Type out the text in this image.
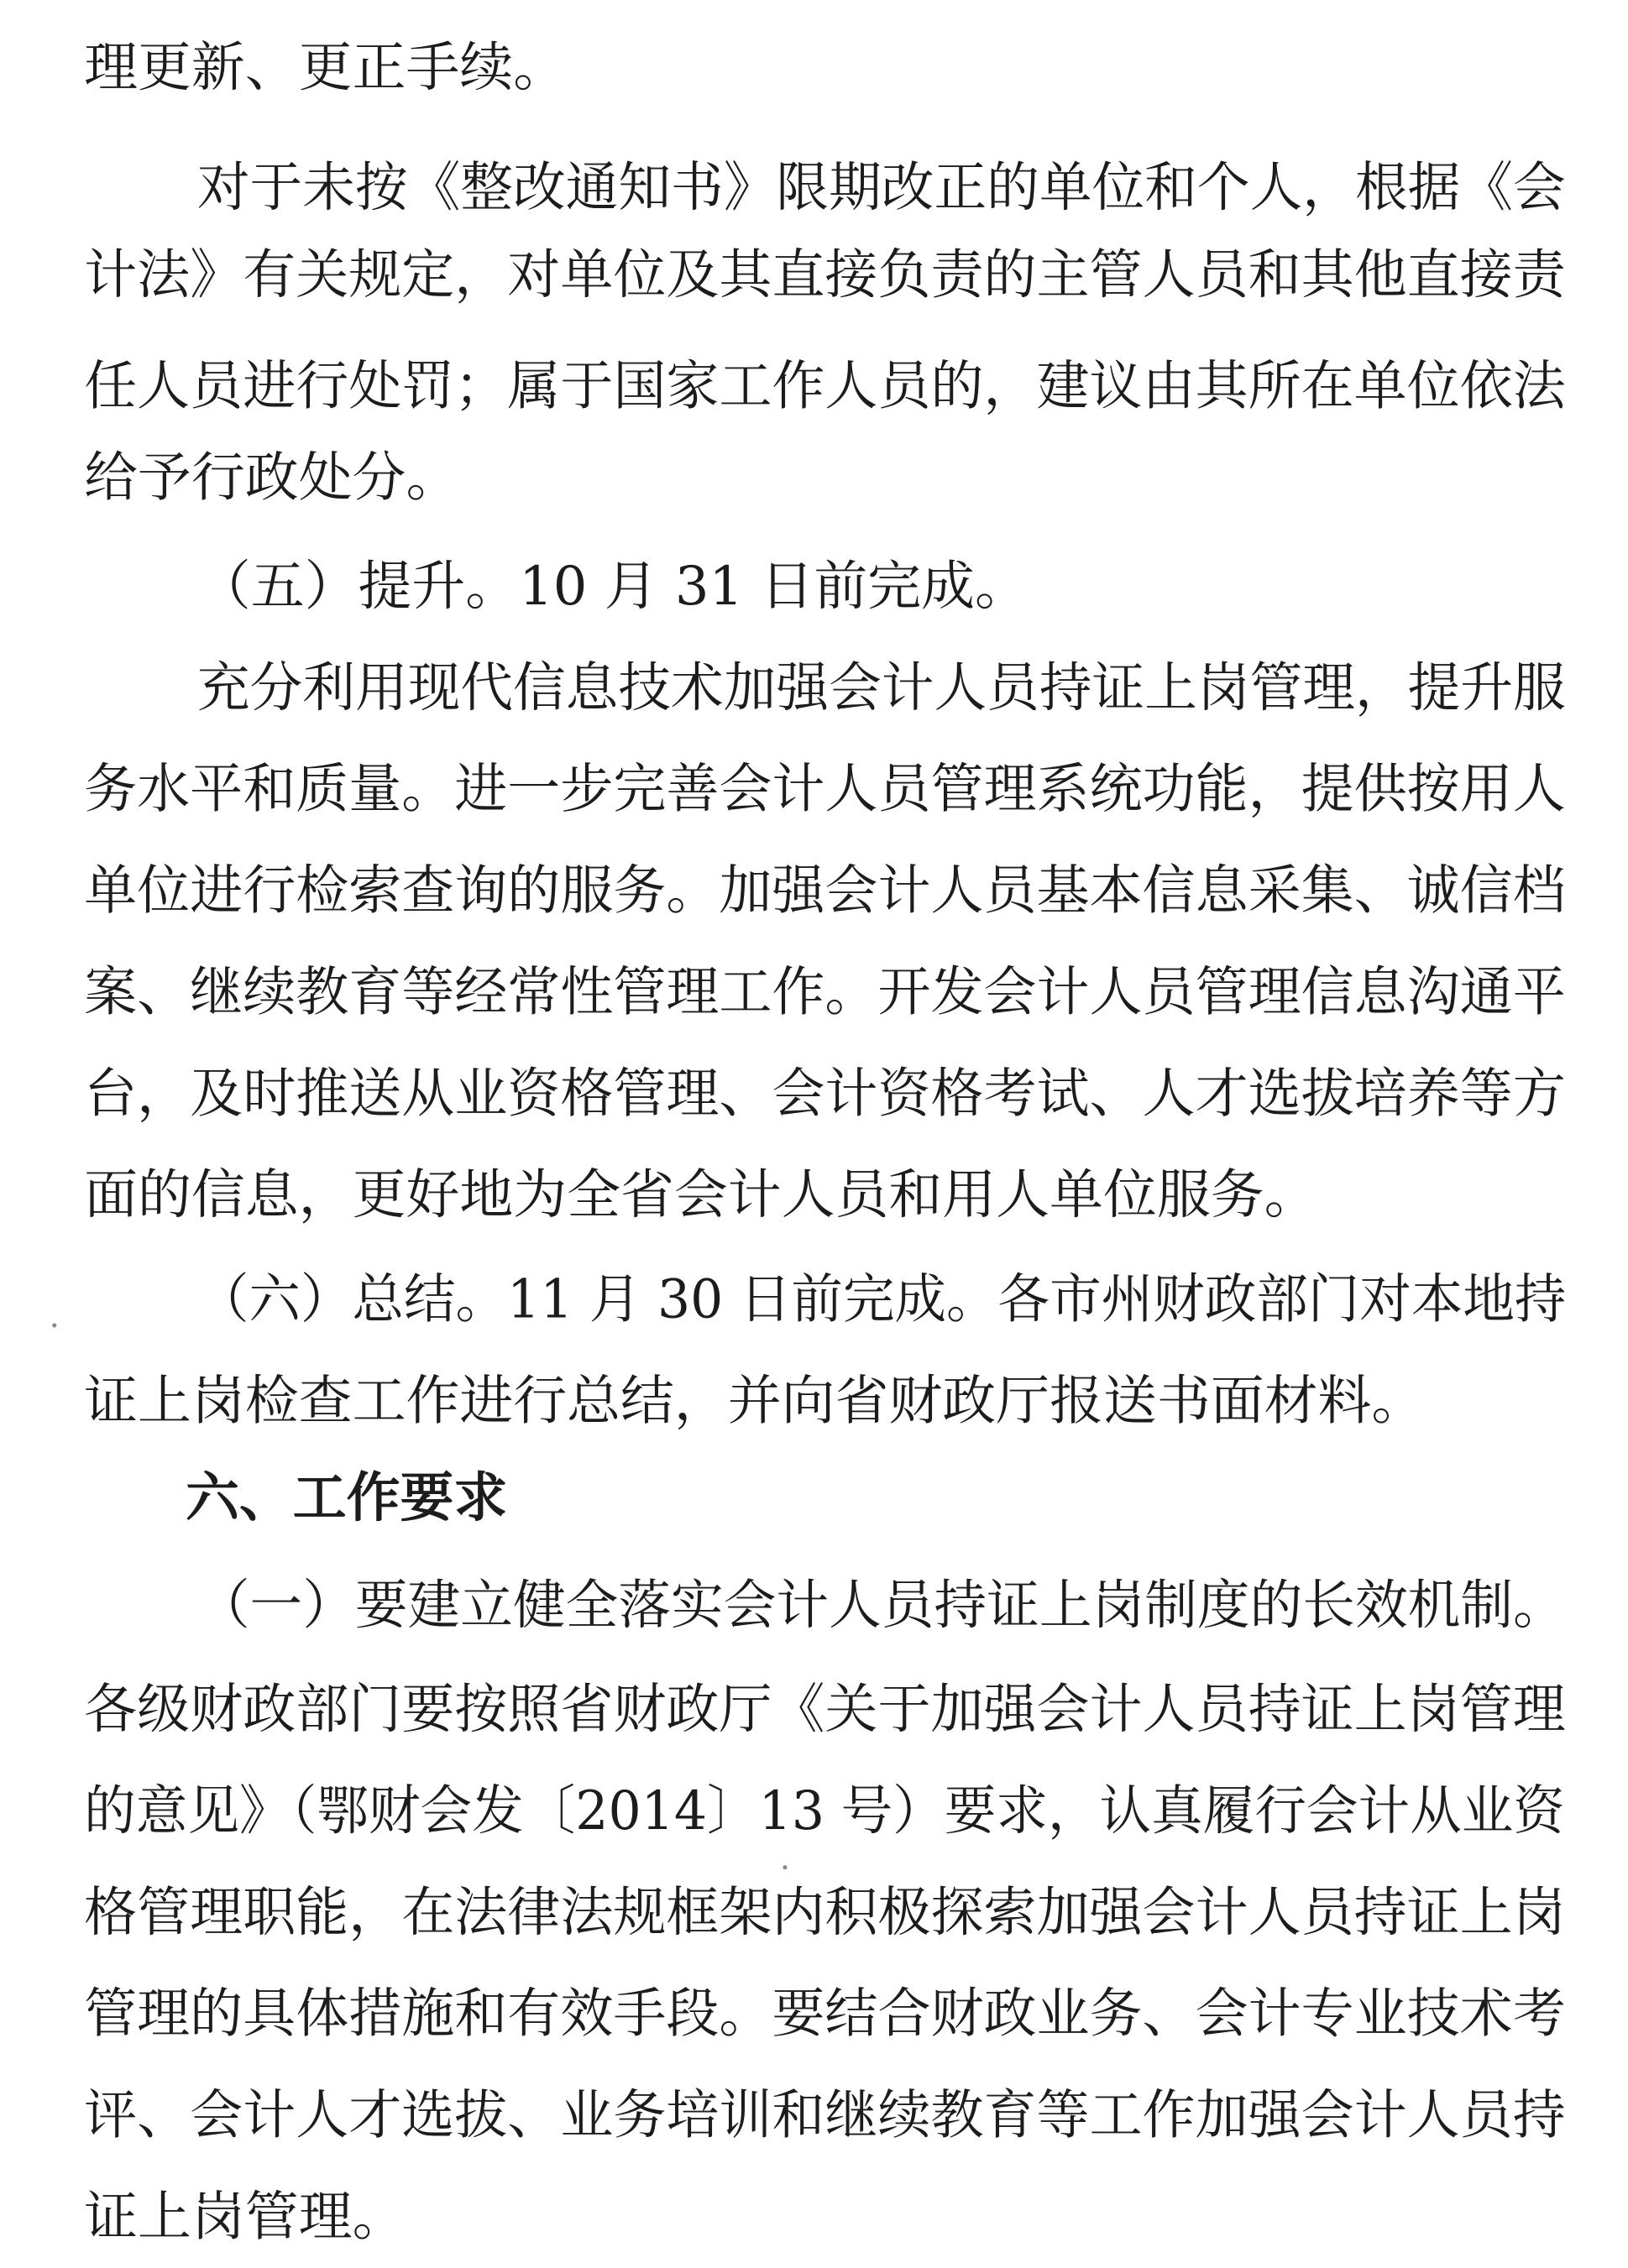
理更新、更正手续。
对于未按《整改通知书》限期改正的单位和个人，根据《会
计法》有关规定，对单位及其直接负责的主管人员和其他直接责
任人员进行处罚；属于国家工作人员的，建议由其所在单位依法
给予行政处分。
（五）提升。10 月 31 日前完成。
充分利用现代信息技术加强会计人员持证上岗管理，提升服
务水平和质量。进一步完善会计人员管理系统功能，提供按用人
单位进行检索查询的服务。加强会计人员基本信息采集、诚信档
案、继续教育等经常性管理工作。开发会计人员管理信息沟通平
台，及时推送从业资格管理、会计资格考试、人才选拔培养等方
面的信息，更好地为全省会计人员和用人单位服务。
（六）总结。11 月 30 日前完成。各市州财政部门对本地持
证上岗检查工作进行总结，并向省财政厅报送书面材料。
六、工作要求
（一）要建立健全落实会计人员持证上岗制度的长效机制。
各级财政部门要按照省财政厅《关于加强会计人员持证上岗管理
的意见》（鄂财会发〔2014〕13 号）要求，认真履行会计从业资
格管理职能，在法律法规框架内积极探索加强会计人员持证上岗
管理的具体措施和有效手段。要结合财政业务、会计专业技术考
评、会计人才选拔、业务培训和继续教育等工作加强会计人员持
证上岗管理。
